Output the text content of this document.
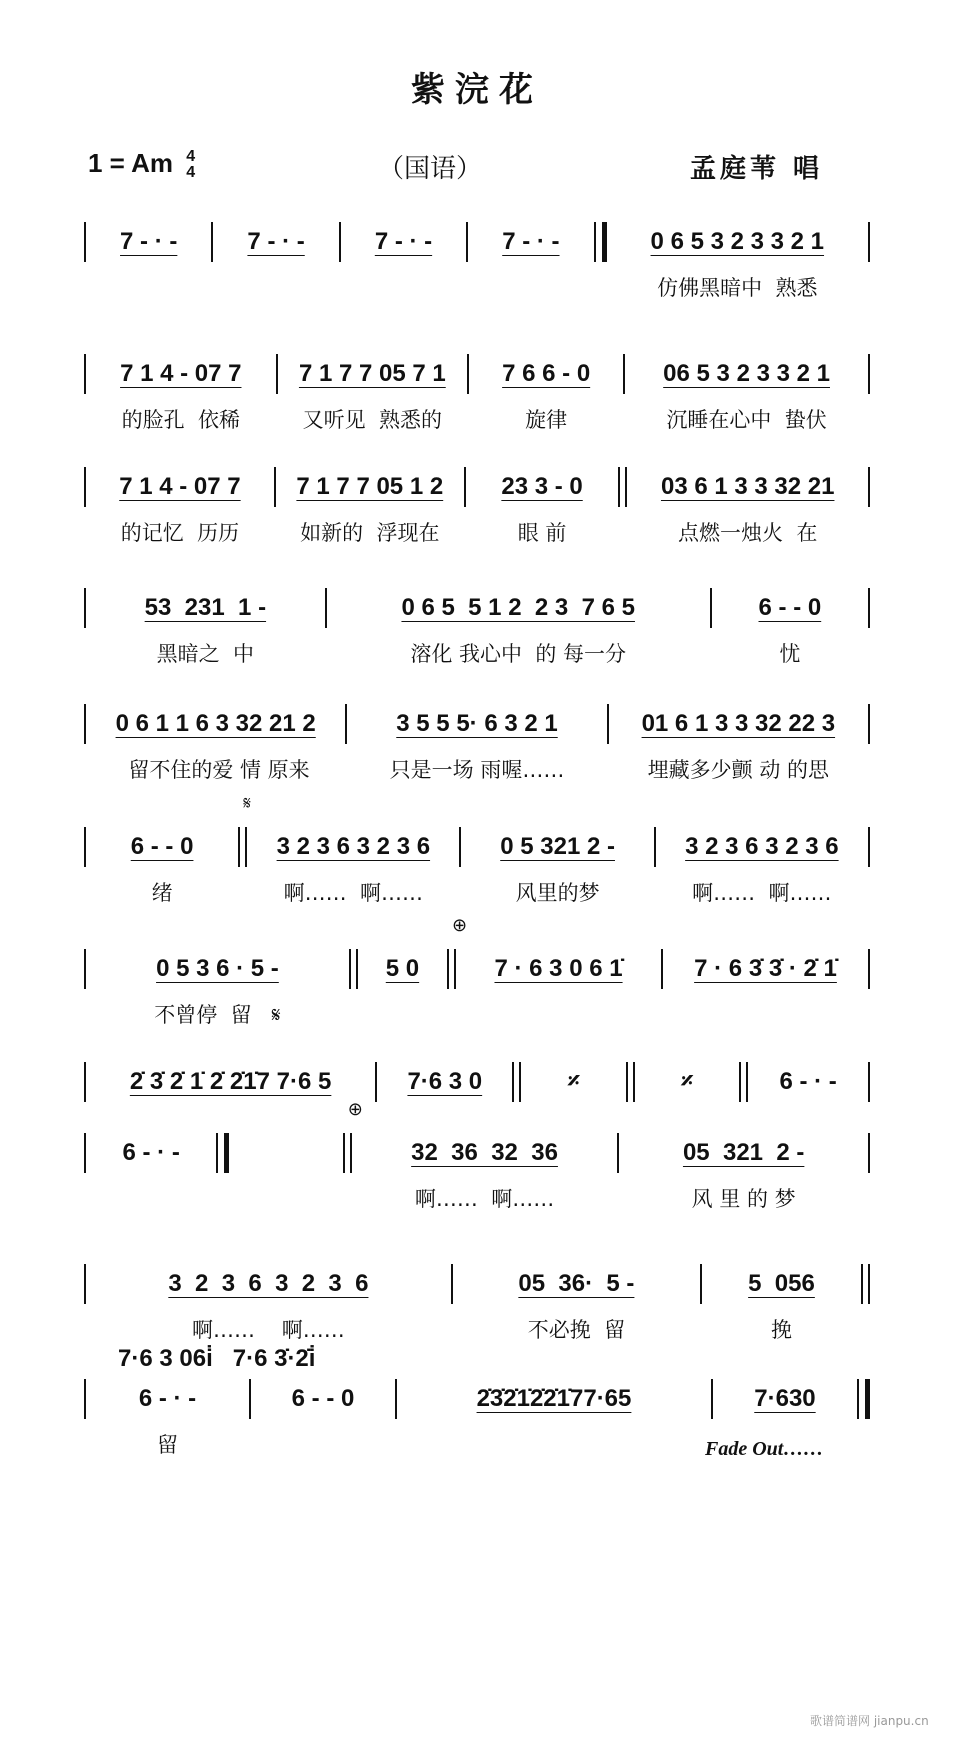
紫浣花
1 = Am 4
4	（国语）	孟庭苇 唱
7 - · -	7 - · -	7 - · -	7 - · -	0 6 5 3 2 3 3 2 1
仿佛黑暗中  熟悉
7 1 4 - 07 7
的脸孔  依稀
7 1 7 7 05 7 1
又听见  熟悉的
7 6 6 - 0
旋律
06 5 3 2 3 3 2 1
沉睡在心中  蛰伏
7 1 4 - 07 7
的记忆  历历
7 1 7 7 05 1 2
如新的  浮现在
23 3 - 0
眼 前
03 6 1 3 3 32 21
点燃一烛火  在
53  231  1 -
黑暗之  中
0 6 5  5 1 2  2 3  7 6 5
溶化 我心中  的 每一分
6 - - 0
忧
0 6 1 1 6 3 32 21 2
留不住的爱 情 原来
3 5 5 5· 6 3 2 1
只是一场 雨喔……
01 6 1 3 3 32 22 3
埋藏多少颤 动 的思
6 - - 0
绪
𝄋
3 2 3 6 3 2 3 6
啊……  啊……
0 5 321 2 -
风里的梦
3 2 3 6 3 2 3 6
啊……  啊……
0 5 3 6 · 5 -
不曾停  留   𝄋
5 0
⊕
7 · 6 3 0 6 1̇	7 · 6 3̇ 3̇ · 2̇ 1̇
2̇ 3̇ 2̇ 1̇ 2̇ 2̇1̇7 7·6 5	7·6 3 0	𝄎	𝄎	6 - · -
6 - · -
⊕
32  36  32  36
啊……  啊……
05  321  2 -
风 里 的 梦
3  2  3  6  3  2  3  6
啊……    啊……
05  36·  5 -
不必挽  留
5  056
挽
7·6 3 06i̇   7·6 3̇·2̇i̇
6 - · -
留
6 - - 0	2̇3̇2̇1̇2̇2̇1̇77·65	7·630
Fade Out……
歌谱简谱网 jianpu.cn
